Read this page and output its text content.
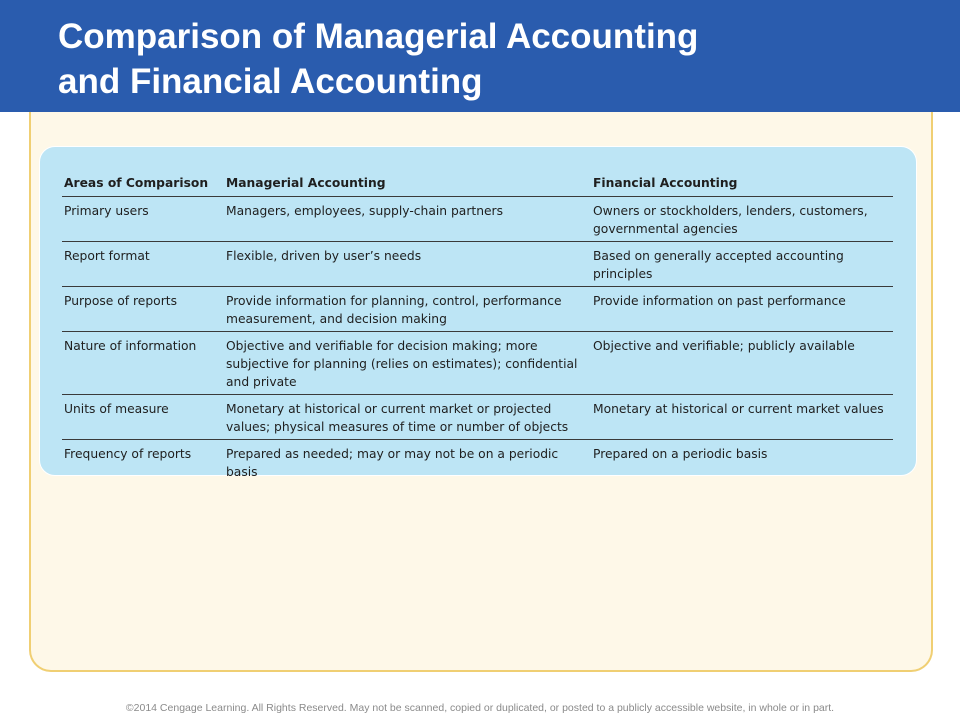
Comparison of Managerial Accounting
and Financial Accounting
Areas of Comparison	Managerial Accounting	Financial Accounting
Primary users	Managers, employees, supply-chain partners	Owners or stockholders, lenders, customers, governmental agencies
Report format	Flexible, driven by user’s needs	Based on generally accepted accounting principles
Purpose of reports	Provide information for planning, control, performance measurement, and decision making	Provide information on past performance
Nature of information	Objective and verifiable for decision making; more subjective for planning (relies on estimates); confidential and private	Objective and verifiable; publicly available
Units of measure	Monetary at historical or current market or projected values; physical measures of time or number of objects	Monetary at historical or current market values
Frequency of reports	Prepared as needed; may or may not be on a periodic basis	Prepared on a periodic basis
©2014 Cengage Learning. All Rights Reserved. May not be scanned, copied or duplicated, or posted to a publicly accessible website, in whole or in part.
